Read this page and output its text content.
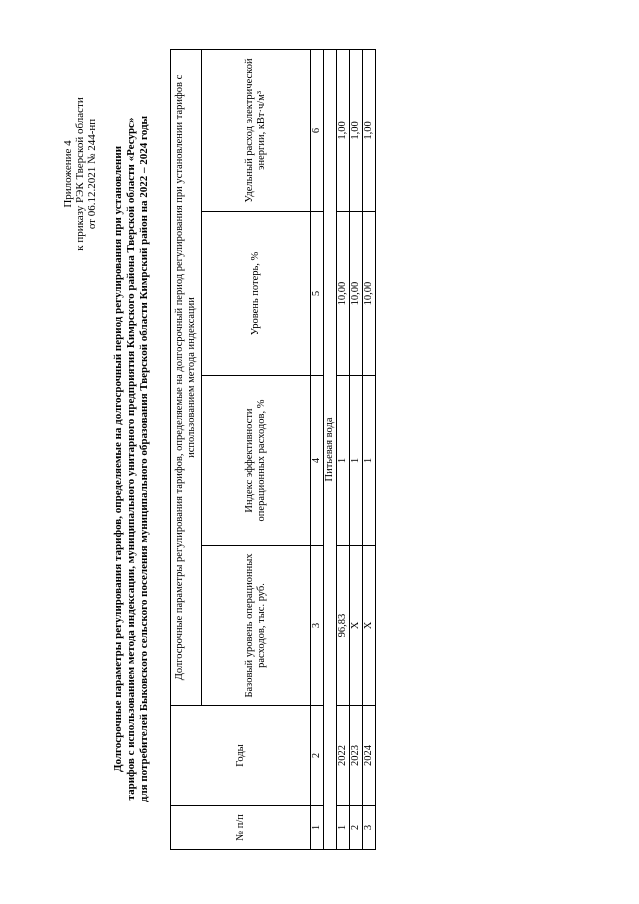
Приложение 4 к приказу РЭК Тверской области от 06.12.2021 № 244-нп Долгосрочные параметры регулирования тарифов, определяемые на долгосрочный период регулирования при установлении тарифов с использованием метода индексации, муниципального унитарного предприятия Кимрского района Тверской области «Ресурс» для потребителей Быковского сельского поселения муниципального образования Тверской области Кимрский район на 2022 – 2024 годы
№ п/п	Годы	Долгосрочные параметры регулирования тарифов, определяемые на долгосрочный период регулирования при установлении тарифов с использованием метода индексации			
		Базовый уровень операционных расходов, тыс. руб.	Индекс эффективности операционных расходов, %	Уровень потерь, %	Удельный расход электрической энергии, кВт·ч/м³
1	2	3	4	5	6
Питьевая вода					
1	2022	96,83	1	10,00	1,00
2	2023	X	1	10,00	1,00
3	2024	X	1	10,00	1,00
